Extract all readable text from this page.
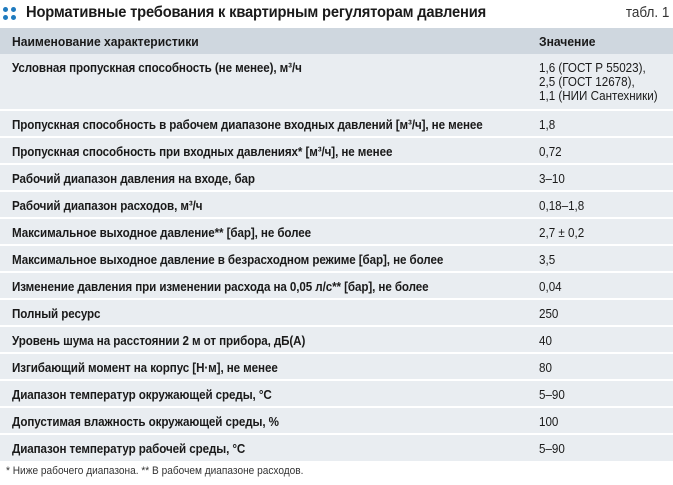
Нормативные требования к квартирным регуляторам давления	табл. 1
Наименование характеристики	Значение
Условная пропускная способность (не менее), м³/ч	1,6 (ГОСТ Р 55023),
2,5 (ГОСТ 12678),
1,1 (НИИ Сантехники)
Пропускная способность в рабочем диапазоне входных давлений [м³/ч], не менее	1,8
Пропускная способность при входных давлениях* [м³/ч], не менее	0,72
Рабочий диапазон давления на входе, бар	3–10
Рабочий диапазон расходов, м³/ч	0,18–1,8
Максимальное выходное давление** [бар], не более	2,7 ± 0,2
Максимальное выходное давление в безрасходном режиме [бар], не более	3,5
Изменение давления при изменении расхода на 0,05 л/с** [бар], не более	0,04
Полный ресурс	250
Уровень шума на расстоянии 2 м от прибора, дБ(А)	40
Изгибающий момент на корпус [Н·м], не менее	80
Диапазон температур окружающей среды, °С	5–90
Допустимая влажность окружающей среды, %	100
Диапазон температур рабочей среды, °С	5–90
* Ниже рабочего диапазона. ** В рабочем диапазоне расходов.
